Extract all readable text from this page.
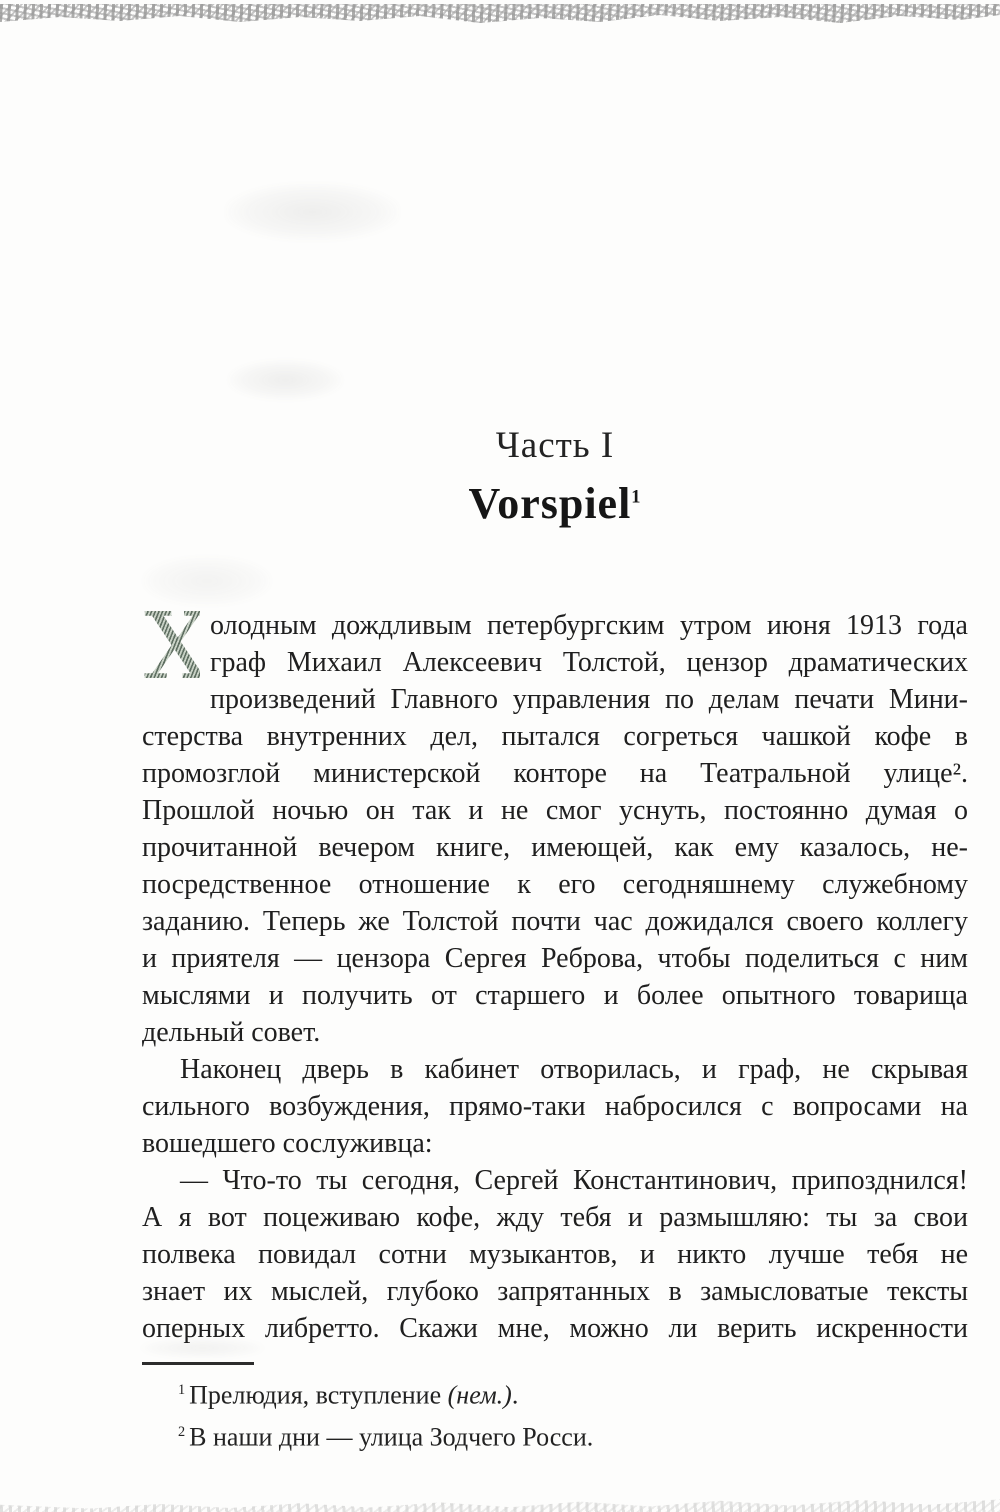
Часть I
Vorspiel$^1$
Х олодным дождливым петербургским утром июня 1913 года
граф Михаил Алексеевич Толстой, цензор драматических
произведений Главного управления по делам печати Мини-
стерства внутренних дел, пытался согреться чашкой кофе в
промозглой министерской конторе на Театральной улице².
Прошлой ночью он так и не смог уснуть, постоянно думая о
прочитанной вечером книге, имеющей, как ему казалось, не-
посредственное отношение к его сегодняшнему служебному
заданию. Теперь же Толстой почти час дожидался своего коллегу
и приятеля — цензора Сергея Реброва, чтобы поделиться с ним
мыслями и получить от старшего и более опытного товарища
дельный совет.
Наконец дверь в кабинет отворилась, и граф, не скрывая
сильного возбуждения, прямо-таки набросился с вопросами на
вошедшего сослуживца:
— Что-то ты сегодня, Сергей Константинович, припозднился!
А я вот поцеживаю кофе, жду тебя и размышляю: ты за свои
полвека повидал сотни музыкантов, и никто лучше тебя не
знает их мыслей, глубоко запрятанных в замысловатые тексты
оперных либретто. Скажи мне, можно ли верить искренности
$^1$ Прелюдия, вступление (нем.).
$^2$ В наши дни — улица Зодчего Росси.
